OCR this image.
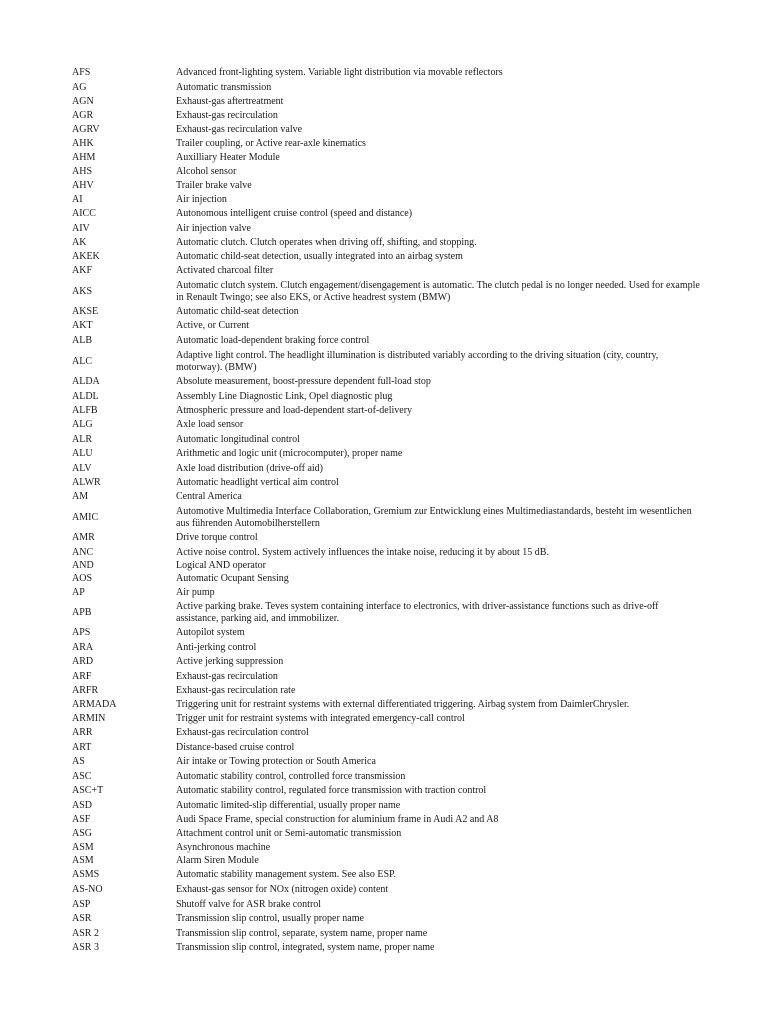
AFS	Advanced front-lighting system. Variable light distribution via movable reflectors
AG	Automatic transmission
AGN	Exhaust-gas aftertreatment
AGR	Exhaust-gas recirculation
AGRV	Exhaust-gas recirculation valve
AHK	Trailer coupling, or Active rear-axle kinematics
AHM	Auxilliary Heater Module
AHS	Alcohol sensor
AHV	Trailer brake valve
AI	Air injection
AICC	Autonomous intelligent cruise control (speed and distance)
AIV	Air injection valve
AK	Automatic clutch. Clutch operates when driving off, shifting, and stopping.
AKEK	Automatic child-seat detection, usually integrated into an airbag system
AKF	Activated charcoal filter
AKS	Automatic clutch system. Clutch engagement/disengagement is automatic. The clutch pedal is no longer needed. Used for example in Renault Twingo; see also EKS, or Active headrest system (BMW)
AKSE	Automatic child-seat detection
AKT	Active, or Current
ALB	Automatic load-dependent braking force control
ALC	Adaptive light control. The headlight illumination is distributed variably according to the driving situation (city, country, motorway). (BMW)
ALDA	Absolute measurement, boost-pressure dependent full-load stop
ALDL	Assembly Line Diagnostic Link, Opel diagnostic plug
ALFB	Atmospheric pressure and load-dependent start-of-delivery
ALG	Axle load sensor
ALR	Automatic longitudinal control
ALU	Arithmetic and logic unit (microcomputer), proper name
ALV	Axle load distribution (drive-off aid)
ALWR	Automatic headlight vertical aim control
AM	Central America
AMIC	Automotive Multimedia Interface Collaboration, Gremium zur Entwicklung eines Multimediastandards, besteht im wesentlichen aus führenden Automobilherstellern
AMR	Drive torque control
ANC	Active noise control. System actively influences the intake noise, reducing it by about 15 dB.
AND	Logical AND operator
AOS	Automatic Ocupant Sensing
AP	Air pump
APB	Active parking brake. Teves system containing interface to electronics, with driver-assistance functions such as drive-off assistance, parking aid, and immobilizer.
APS	Autopilot system
ARA	Anti-jerking control
ARD	Active jerking suppression
ARF	Exhaust-gas recirculation
ARFR	Exhaust-gas recirculation rate
ARMADA	Triggering unit for restraint systems with external differentiated triggering. Airbag system from DaimlerChrysler.
ARMIN	Trigger unit for restraint systems with integrated emergency-call control
ARR	Exhaust-gas recirculation control
ART	Distance-based cruise control
AS	Air intake or Towing protection or South America
ASC	Automatic stability control, controlled force transmission
ASC+T	Automatic stability control, regulated force transmission with traction control
ASD	Automatic limited-slip differential, usually proper name
ASF	Audi Space Frame, special construction for aluminium frame in Audi A2 and A8
ASG	Attachment control unit or Semi-automatic transmission
ASM	Asynchronous machine
ASM	Alarm Siren Module
ASMS	Automatic stability management system. See also ESP.
AS-NO	Exhaust-gas sensor for NOx (nitrogen oxide) content
ASP	Shutoff valve for ASR brake control
ASR	Transmission slip control, usually proper name
ASR 2	Transmission slip control, separate, system name, proper name
ASR 3	Transmission slip control, integrated, system name, proper name
